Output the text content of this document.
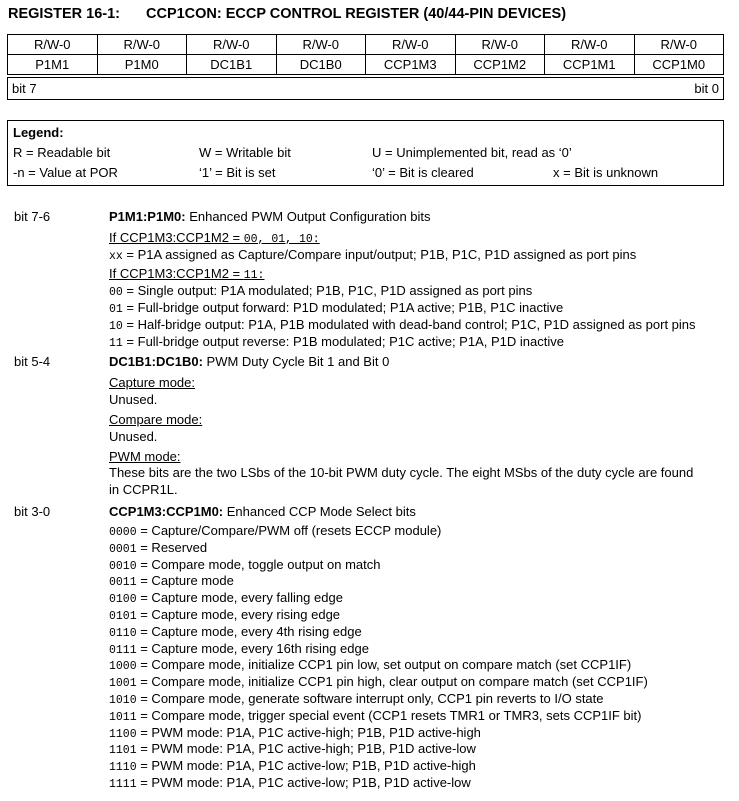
REGISTER 16-1: CCP1CON: ECCP CONTROL REGISTER (40/44-PIN DEVICES)
R/W-0	R/W-0	R/W-0	R/W-0	R/W-0	R/W-0	R/W-0	R/W-0
P1M1	P1M0	DC1B1	DC1B0	CCP1M3	CCP1M2	CCP1M1	CCP1M0
bit 7	bit 0
Legend:
R = Readable bit	W = Writable bit	U = Unimplemented bit, read as ‘0’
-n = Value at POR	‘1’ = Bit is set	‘0’ = Bit is cleared	x = Bit is unknown
bit 7-6	P1M1:P1M0: Enhanced PWM Output Configuration bits
If CCP1M3:CCP1M2 = 00, 01, 10:
xx = P1A assigned as Capture/Compare input/output; P1B, P1C, P1D assigned as port pins
If CCP1M3:CCP1M2 = 11:
00 = Single output: P1A modulated; P1B, P1C, P1D assigned as port pins
01 = Full-bridge output forward: P1D modulated; P1A active; P1B, P1C inactive
10 = Half-bridge output: P1A, P1B modulated with dead-band control; P1C, P1D assigned as port pins
11 = Full-bridge output reverse: P1B modulated; P1C active; P1A, P1D inactive
bit 5-4	DC1B1:DC1B0: PWM Duty Cycle Bit 1 and Bit 0
Capture mode:
Unused.
Compare mode:
Unused.
PWM mode:
These bits are the two LSbs of the 10-bit PWM duty cycle. The eight MSbs of the duty cycle are found
in CCPR1L.
bit 3-0	CCP1M3:CCP1M0: Enhanced CCP Mode Select bits
0000 = Capture/Compare/PWM off (resets ECCP module)
0001 = Reserved
0010 = Compare mode, toggle output on match
0011 = Capture mode
0100 = Capture mode, every falling edge
0101 = Capture mode, every rising edge
0110 = Capture mode, every 4th rising edge
0111 = Capture mode, every 16th rising edge
1000 = Compare mode, initialize CCP1 pin low, set output on compare match (set CCP1IF)
1001 = Compare mode, initialize CCP1 pin high, clear output on compare match (set CCP1IF)
1010 = Compare mode, generate software interrupt only, CCP1 pin reverts to I/O state
1011 = Compare mode, trigger special event (CCP1 resets TMR1 or TMR3, sets CCP1IF bit)
1100 = PWM mode: P1A, P1C active-high; P1B, P1D active-high
1101 = PWM mode: P1A, P1C active-high; P1B, P1D active-low
1110 = PWM mode: P1A, P1C active-low; P1B, P1D active-high
1111 = PWM mode: P1A, P1C active-low; P1B, P1D active-low
